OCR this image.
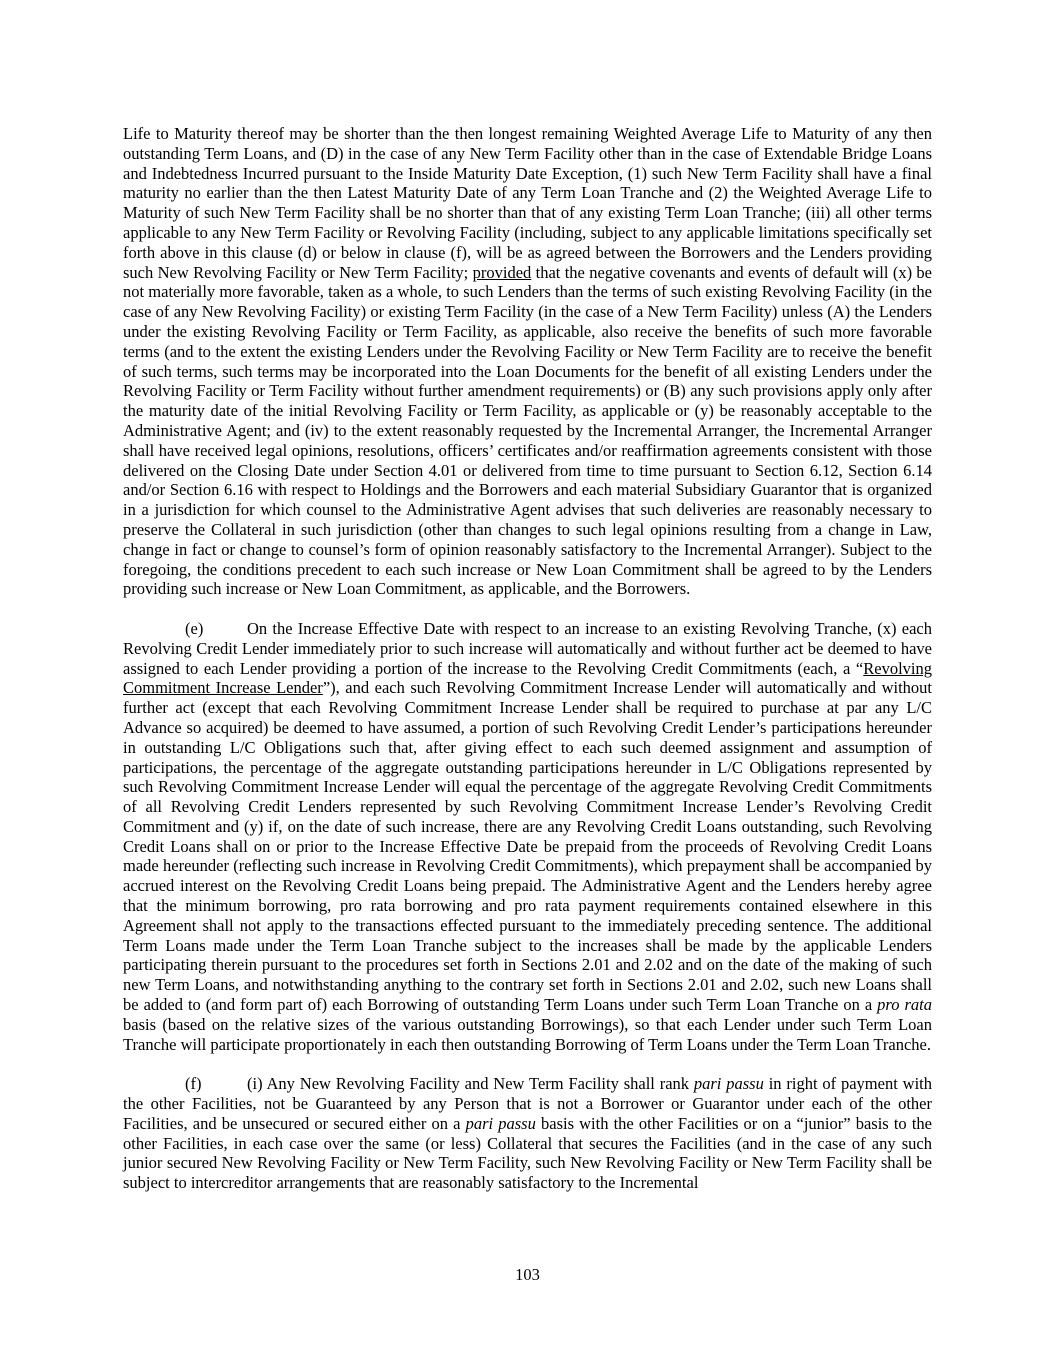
Life to Maturity thereof may be shorter than the then longest remaining Weighted Average Life to Maturity of any then outstanding Term Loans, and (D) in the case of any New Term Facility other than in the case of Extendable Bridge Loans and Indebtedness Incurred pursuant to the Inside Maturity Date Exception, (1) such New Term Facility shall have a final maturity no earlier than the then Latest Maturity Date of any Term Loan Tranche and (2) the Weighted Average Life to Maturity of such New Term Facility shall be no shorter than that of any existing Term Loan Tranche; (iii) all other terms applicable to any New Term Facility or Revolving Facility (including, subject to any applicable limitations specifically set forth above in this clause (d) or below in clause (f), will be as agreed between the Borrowers and the Lenders providing such New Revolving Facility or New Term Facility; provided that the negative covenants and events of default will (x) be not materially more favorable, taken as a whole, to such Lenders than the terms of such existing Revolving Facility (in the case of any New Revolving Facility) or existing Term Facility (in the case of a New Term Facility) unless (A) the Lenders under the existing Revolving Facility or Term Facility, as applicable, also receive the benefits of such more favorable terms (and to the extent the existing Lenders under the Revolving Facility or New Term Facility are to receive the benefit of such terms, such terms may be incorporated into the Loan Documents for the benefit of all existing Lenders under the Revolving Facility or Term Facility without further amendment requirements) or (B) any such provisions apply only after the maturity date of the initial Revolving Facility or Term Facility, as applicable or (y) be reasonably acceptable to the Administrative Agent; and (iv) to the extent reasonably requested by the Incremental Arranger, the Incremental Arranger shall have received legal opinions, resolutions, officers’ certificates and/or reaffirmation agreements consistent with those delivered on the Closing Date under Section 4.01 or delivered from time to time pursuant to Section 6.12, Section 6.14 and/or Section 6.16 with respect to Holdings and the Borrowers and each material Subsidiary Guarantor that is organized in a jurisdiction for which counsel to the Administrative Agent advises that such deliveries are reasonably necessary to preserve the Collateral in such jurisdiction (other than changes to such legal opinions resulting from a change in Law, change in fact or change to counsel’s form of opinion reasonably satisfactory to the Incremental Arranger). Subject to the foregoing, the conditions precedent to each such increase or New Loan Commitment shall be agreed to by the Lenders providing such increase or New Loan Commitment, as applicable, and the Borrowers.

(e)	On the Increase Effective Date with respect to an increase to an existing Revolving Tranche, (x) each Revolving Credit Lender immediately prior to such increase will automatically and without further act be deemed to have assigned to each Lender providing a portion of the increase to the Revolving Credit Commitments (each, a “Revolving Commitment Increase Lender”), and each such Revolving Commitment Increase Lender will automatically and without further act (except that each Revolving Commitment Increase Lender shall be required to purchase at par any L/C Advance so acquired) be deemed to have assumed, a portion of such Revolving Credit Lender’s participations hereunder in outstanding L/C Obligations such that, after giving effect to each such deemed assignment and assumption of participations, the percentage of the aggregate outstanding participations hereunder in L/C Obligations represented by such Revolving Commitment Increase Lender will equal the percentage of the aggregate Revolving Credit Commitments of all Revolving Credit Lenders represented by such Revolving Commitment Increase Lender’s Revolving Credit Commitment and (y) if, on the date of such increase, there are any Revolving Credit Loans outstanding, such Revolving Credit Loans shall on or prior to the Increase Effective Date be prepaid from the proceeds of Revolving Credit Loans made hereunder (reflecting such increase in Revolving Credit Commitments), which prepayment shall be accompanied by accrued interest on the Revolving Credit Loans being prepaid. The Administrative Agent and the Lenders hereby agree that the minimum borrowing, pro rata borrowing and pro rata payment requirements contained elsewhere in this Agreement shall not apply to the transactions effected pursuant to the immediately preceding sentence. The additional Term Loans made under the Term Loan Tranche subject to the increases shall be made by the applicable Lenders participating therein pursuant to the procedures set forth in Sections 2.01 and 2.02 and on the date of the making of such new Term Loans, and notwithstanding anything to the contrary set forth in Sections 2.01 and 2.02, such new Loans shall be added to (and form part of) each Borrowing of outstanding Term Loans under such Term Loan Tranche on a pro rata basis (based on the relative sizes of the various outstanding Borrowings), so that each Lender under such Term Loan Tranche will participate proportionately in each then outstanding Borrowing of Term Loans under the Term Loan Tranche.

(f)	(i) Any New Revolving Facility and New Term Facility shall rank pari passu in right of payment with the other Facilities, not be Guaranteed by any Person that is not a Borrower or Guarantor under each of the other Facilities, and be unsecured or secured either on a pari passu basis with the other Facilities or on a “junior” basis to the other Facilities, in each case over the same (or less) Collateral that secures the Facilities (and in the case of any such junior secured New Revolving Facility or New Term Facility, such New Revolving Facility or New Term Facility shall be subject to intercreditor arrangements that are reasonably satisfactory to the Incremental

103
